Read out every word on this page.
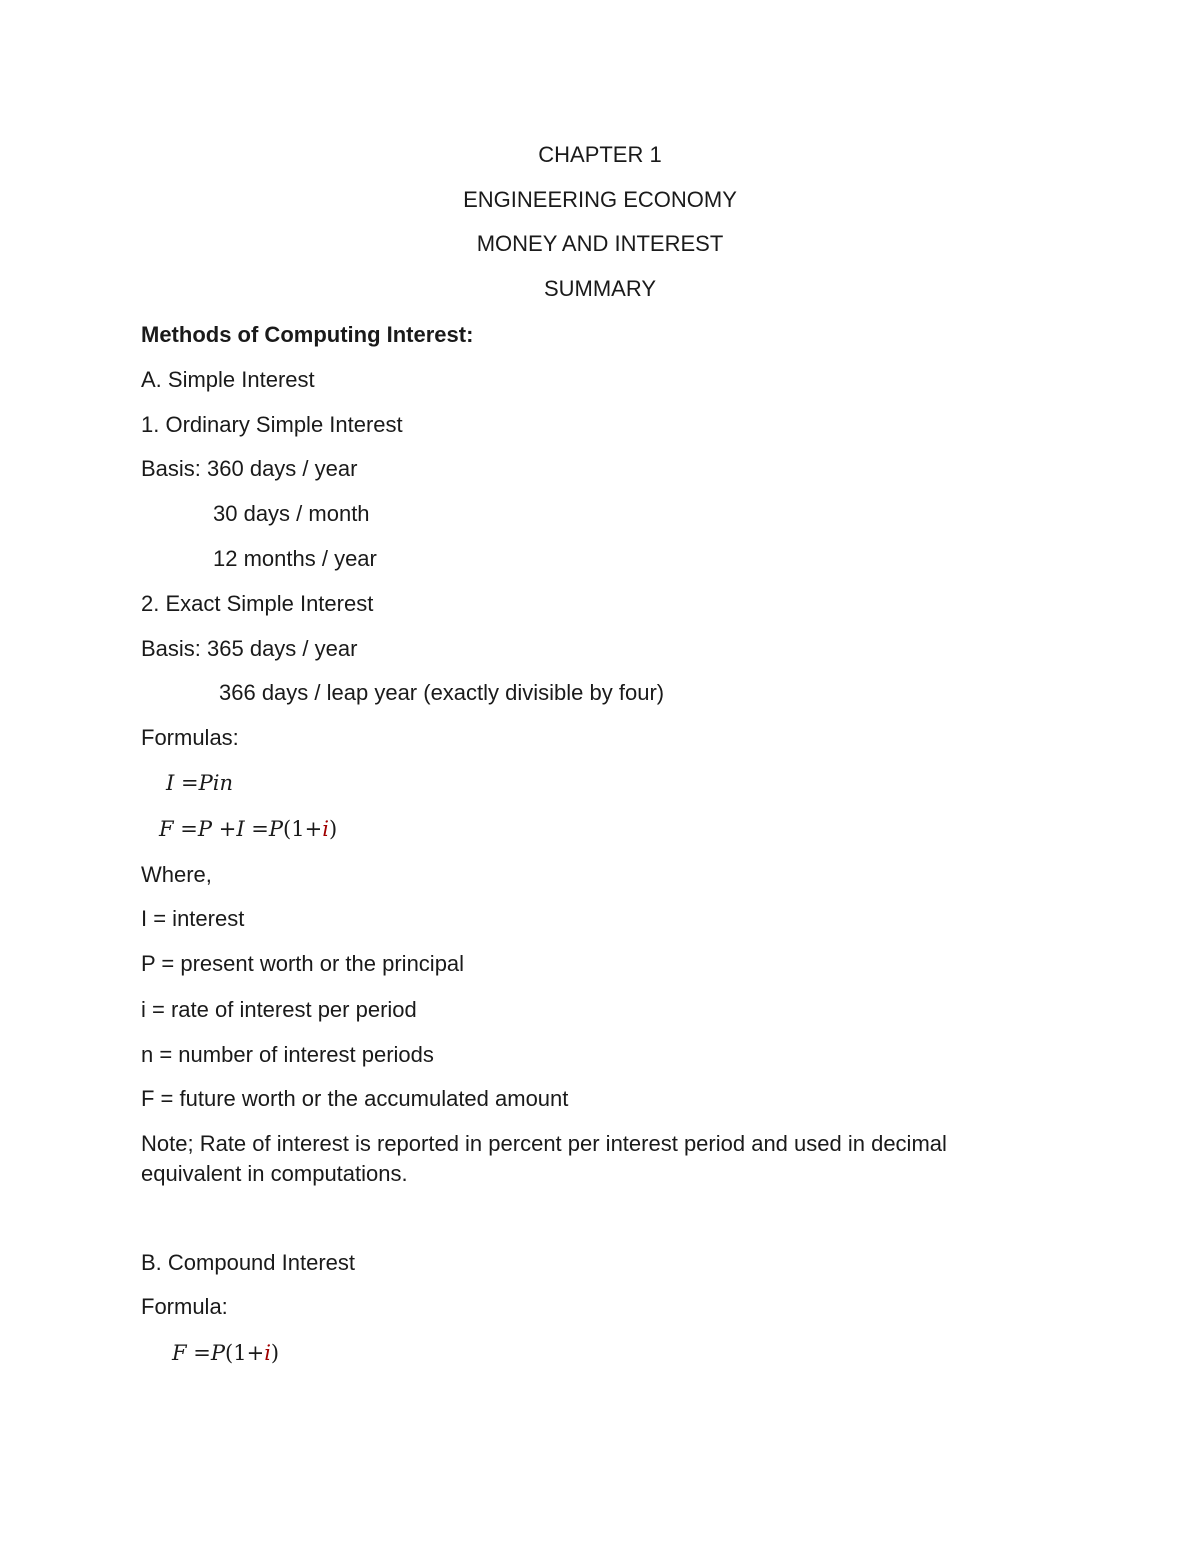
CHAPTER 1
ENGINEERING ECONOMY
MONEY AND INTEREST
SUMMARY
Methods of Computing Interest:
A. Simple Interest
1. Ordinary Simple Interest
Basis: 360 days / year
30 days / month
12 months / year
2. Exact Simple Interest
Basis: 365 days / year
366 days / leap year (exactly divisible by four)
Formulas:
I =Pin
F =P +I =P(1+i)
Where,
I = interest
P = present worth or the principal
i = rate of interest per period
n = number of interest periods
F = future worth or the accumulated amount
Note; Rate of interest is reported in percent per interest period and used in decimal equivalent in computations.
B. Compound Interest
Formula:
F =P(1+i)
